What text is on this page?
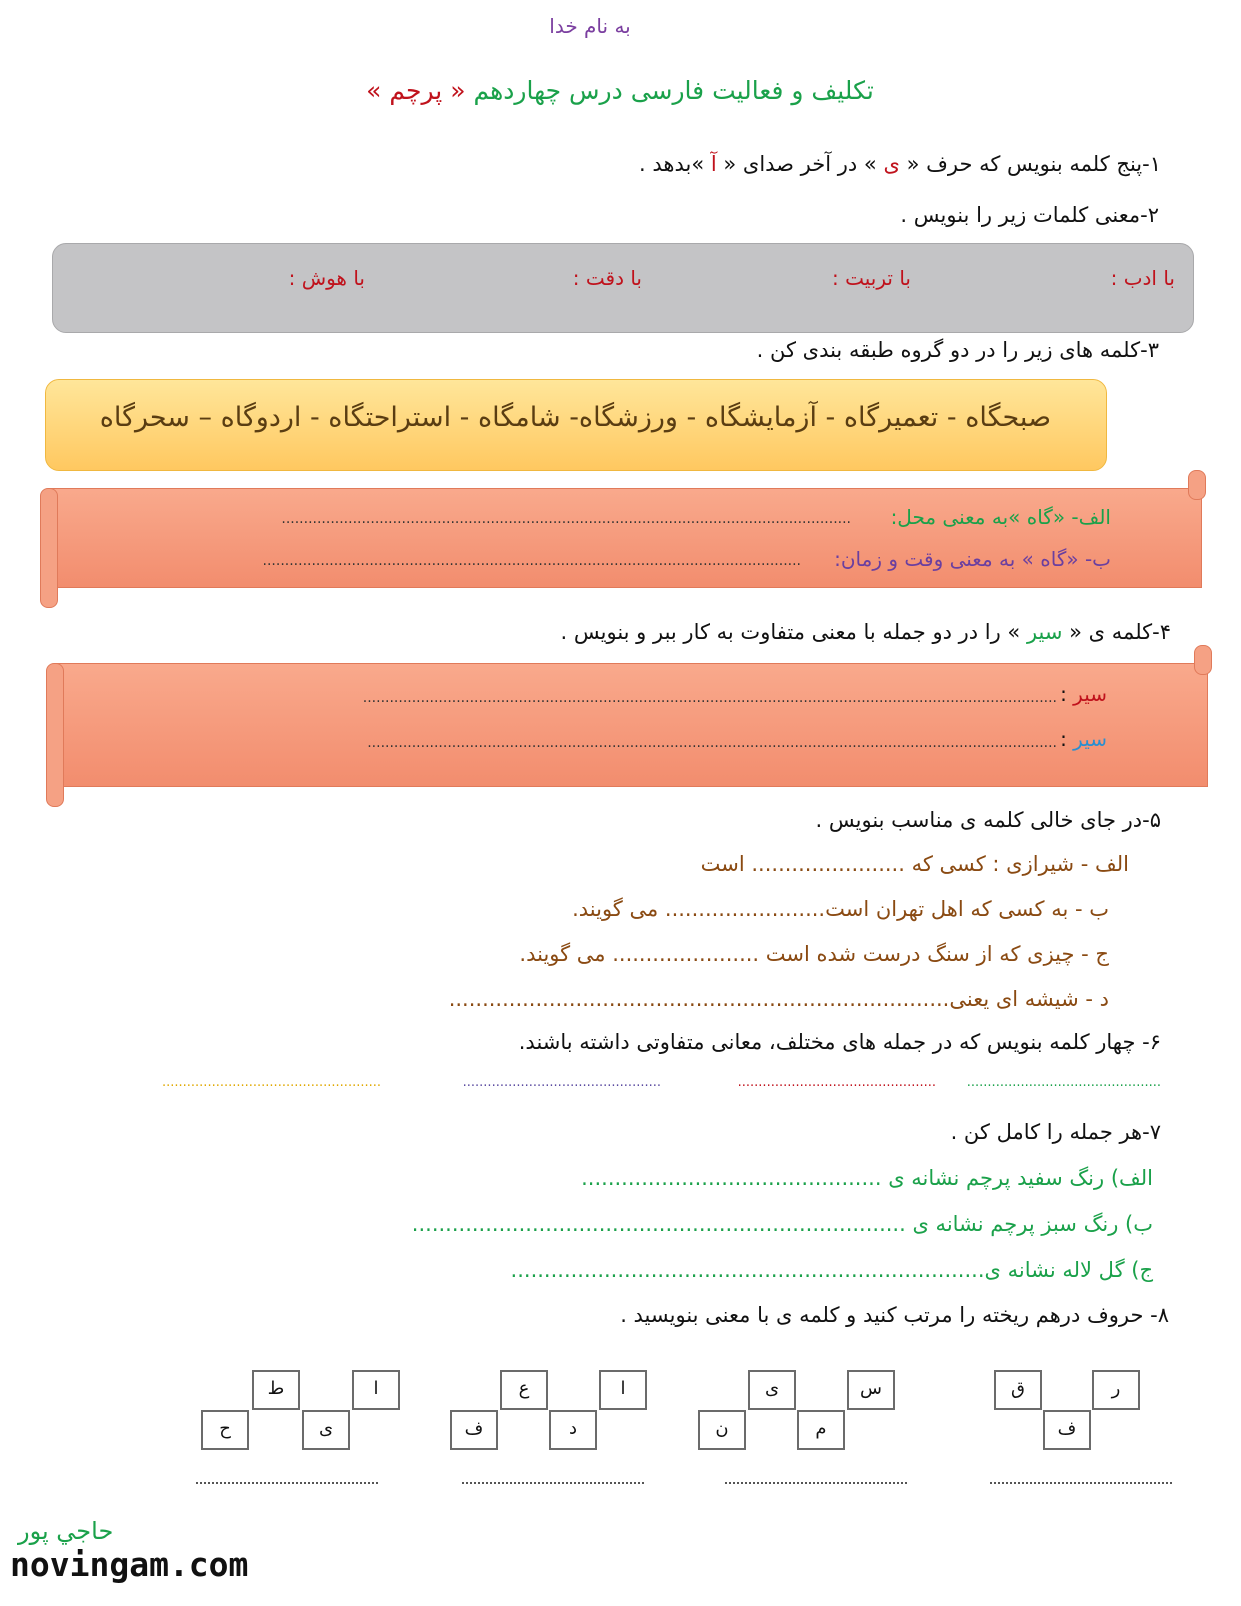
به نام خدا
تکلیف و فعالیت فارسی درس چهاردهم « پرچم »
۱-پنج کلمه بنویس که حرف « ی » در آخر صدای « آ »بدهد .
۲-معنی کلمات زیر را بنویس .
با ادب :
با تربیت :
با دقت :
با هوش :
۳-کلمه های زیر را در دو گروه طبقه بندی کن .
صبحگاه - تعمیرگاه - آزمایشگاه - ورزشگاه- شامگاه - استراحتگاه - اردوگاه – سحرگاه
الف- «گاه »به معنی محل:
................................................................................................................................
ب- «گاه » به معنی وقت و زمان:
.........................................................................................................................
۴-کلمه ی « سیر » را در دو جمله با معنی متفاوت به کار ببر و بنویس .
سیر :
............................................................................................................................................................
سیر :
...........................................................................................................................................................
۵-در جای خالی کلمه ی مناسب بنویس .
الف - شیرازی : کسی که ....................... است
ب - به کسی که اهل تهران است........................ می گویند.
ج - چیزی که از سنگ درست شده است ...................... می گویند.
د - شیشه ای یعنی...........................................................................
۶- چهار کلمه بنویس که در جمله های مختلف، معانی متفاوتی داشته باشند.
...............................................
................................................
................................................
.....................................................
۷-هر جمله را کامل کن .
الف) رنگ سفید پرچم نشانه ی .............................................
ب) رنگ سبز پرچم نشانه ی ..........................................................................
ج) گل لاله نشانه ی.......................................................................
۸- حروف درهم ریخته را مرتب کنید و کلمه ی با معنی بنویسید .
ر
ق
ف
س
ی
م
ن
ا
ع
د
ف
ا
ط
ی
ح
حاجي پور
novingam.com
